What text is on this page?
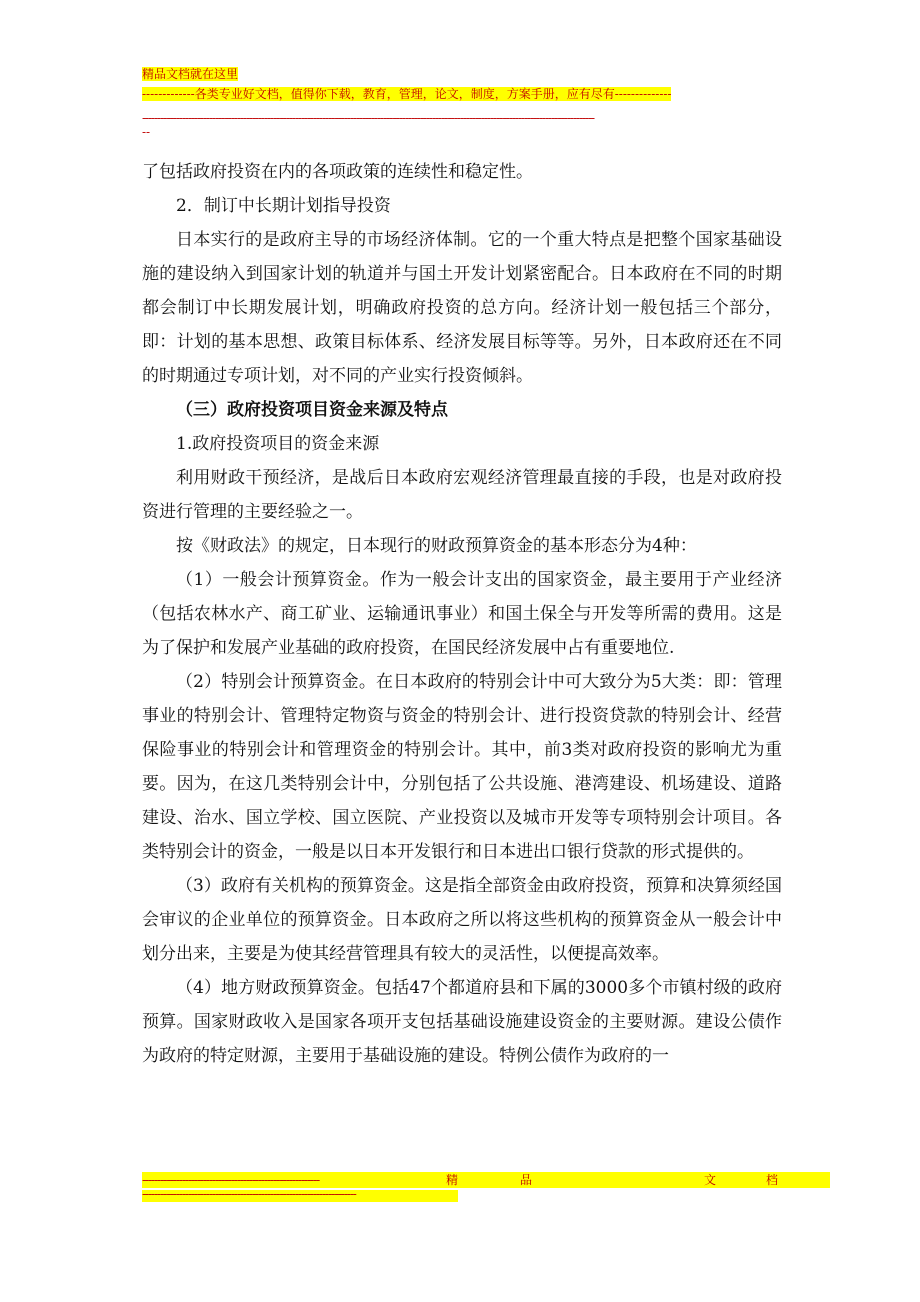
精品文档就在这里
-------------各类专业好文档，值得你下载，教育，管理，论文，制度，方案手册，应有尽有--------------
----------------------------------------------------------------------------------------------------------------------------------------------------
--

了包括政府投资在内的各项政策的连续性和稳定性。

2．制订中长期计划指导投资

日本实行的是政府主导的市场经济体制。它的一个重大特点是把整个国家基础设施的建设纳入到国家计划的轨道并与国土开发计划紧密配合。日本政府在不同的时期都会制订中长期发展计划，明确政府投资的总方向。经济计划一般包括三个部分，即：计划的基本思想、政策目标体系、经济发展目标等等。另外，日本政府还在不同的时期通过专项计划，对不同的产业实行投资倾斜。

（三）政府投资项目资金来源及特点

1.政府投资项目的资金来源

利用财政干预经济，是战后日本政府宏观经济管理最直接的手段，也是对政府投资进行管理的主要经验之一。

按《财政法》的规定，日本现行的财政预算资金的基本形态分为4种：

（1）一般会计预算资金。作为一般会计支出的国家资金，最主要用于产业经济（包括农林水产、商工矿业、运输通讯事业）和国土保全与开发等所需的费用。这是为了保护和发展产业基础的政府投资，在国民经济发展中占有重要地位.

（2）特别会计预算资金。在日本政府的特别会计中可大致分为5大类：即：管理事业的特别会计、管理特定物资与资金的特别会计、进行投资贷款的特别会计、经营保险事业的特别会计和管理资金的特别会计。其中，前3类对政府投资的影响尤为重要。因为，在这几类特别会计中，分别包括了公共设施、港湾建设、机场建设、道路建设、治水、国立学校、国立医院、产业投资以及城市开发等专项特别会计项目。各类特别会计的资金，一般是以日本开发银行和日本进出口银行贷款的形式提供的。

（3）政府有关机构的预算资金。这是指全部资金由政府投资，预算和决算须经国会审议的企业单位的预算资金。日本政府之所以将这些机构的预算资金从一般会计中划分出来，主要是为使其经营管理具有较大的灵活性，以便提高效率。

（4）地方财政预算资金。包括47个都道府县和下属的3000多个市镇村级的政府预算。国家财政收入是国家各项开支包括基础设施建设资金的主要财源。建设公债作为政府的特定财源，主要用于基础设施的建设。特例公债作为政府的一

----------------------------------------------------------	精	品	文	档
----------------------------------------------------------------------
